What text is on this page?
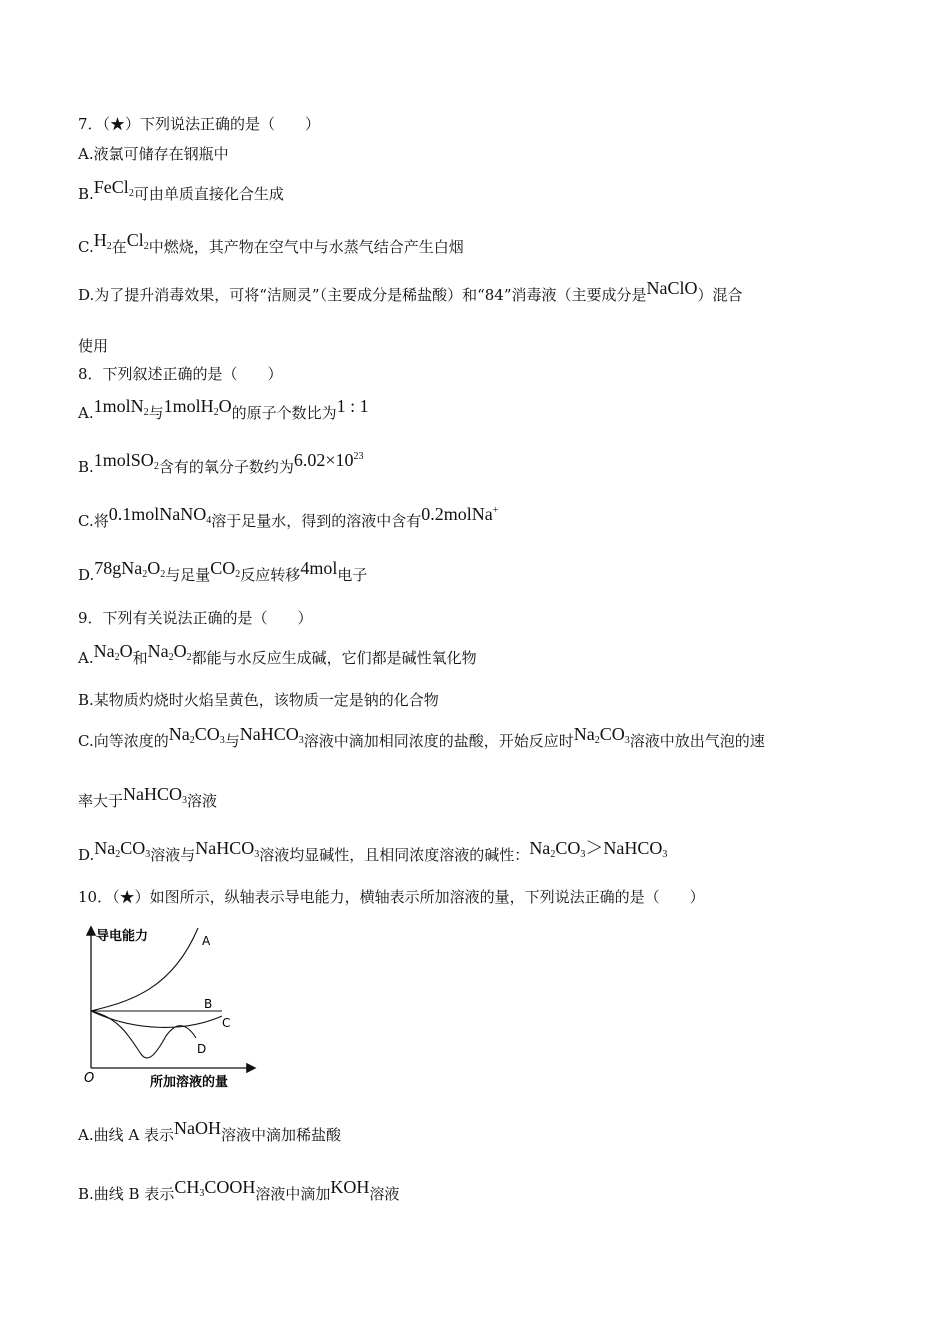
7．（★）下列说法正确的是（　　）
A.液氯可储存在钢瓶中
B.FeCl$_2$可由单质直接化合生成
$C.H_2$在$Cl_2$中燃烧，其产物在空气中与水蒸气结合产生白烟
D.为了提升消毒效果，可将“洁厕灵”（主要成分是稀盐酸）和“84”消毒液（主要成分是NaClO）混合
使用
8．下列叙述正确的是（　　）
A.1molN$_2$与1molH$_2$O的原子个数比为1 : 1
B.1molSO$_2$含有的氧分子数约为$6.02\times 10^{23}$
C.将0.1molNaNO$_4$溶于足量水，得到的溶液中含有0.2molNa+
$D.78gNa_2O_2$与足量$CO_2$反应转移4mol电子
9．下列有关说法正确的是（　　）
$A.Na_2O$和$Na_2O_2$都能与水反应生成碱，它们都是碱性氧化物
B.某物质灼烧时火焰呈黄色，该物质一定是钠的化合物
C.向等浓度的$Na_2CO_3$与NaHCO$_3$溶液中滴加相同浓度的盐酸，开始反应时$Na_2CO_3$溶液中放出气泡的速
率大于NaHCO$_3$溶液
$D.Na_2CO_3$溶液与NaHCO$_3$溶液均显碱性，且相同浓度溶液的碱性：$Na_2CO_3>NaHCO_3$
10．（★）如图所示，纵轴表示导电能力，横轴表示所加溶液的量，下列说法正确的是（　　）
导电能力
所加溶液的量
O
A
B
C
D
A.曲线 A 表示NaOH溶液中滴加稀盐酸
B.曲线 B 表示$CH_3COOH$溶液中滴加KOH溶液
